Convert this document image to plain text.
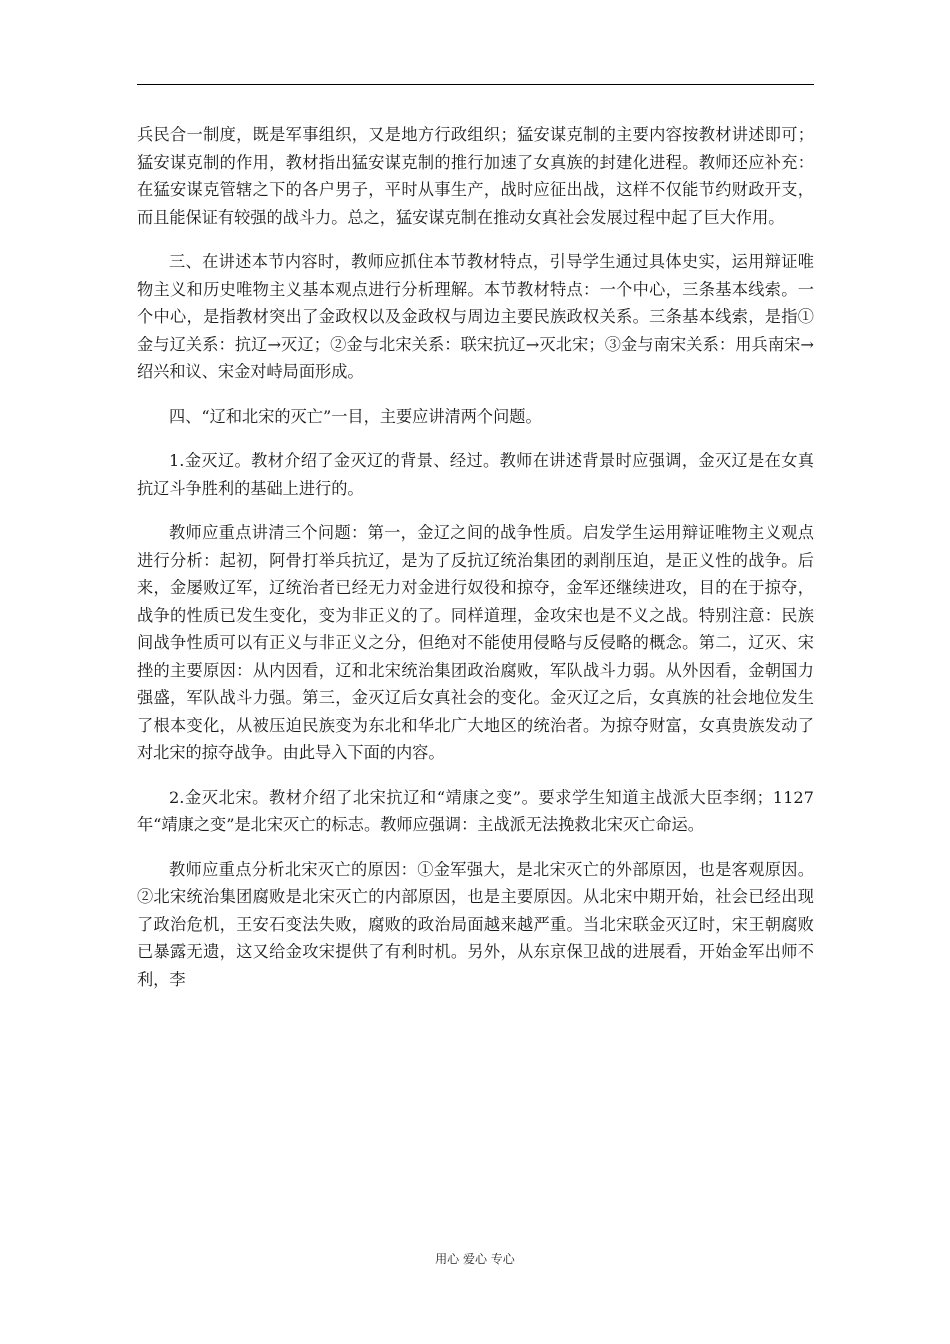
兵民合一制度，既是军事组织，又是地方行政组织；猛安谋克制的主要内容按教材讲述即可；猛安谋克制的作用，教材指出猛安谋克制的推行加速了女真族的封建化进程。教师还应补充：在猛安谋克管辖之下的各户男子，平时从事生产，战时应征出战，这样不仅能节约财政开支，而且能保证有较强的战斗力。总之，猛安谋克制在推动女真社会发展过程中起了巨大作用。

三、在讲述本节内容时，教师应抓住本节教材特点，引导学生通过具体史实，运用辩证唯物主义和历史唯物主义基本观点进行分析理解。本节教材特点：一个中心，三条基本线索。一个中心，是指教材突出了金政权以及金政权与周边主要民族政权关系。三条基本线索，是指①金与辽关系：抗辽→灭辽；②金与北宋关系：联宋抗辽→灭北宋；③金与南宋关系：用兵南宋→绍兴和议、宋金对峙局面形成。

四、“辽和北宋的灭亡”一目，主要应讲清两个问题。

1.金灭辽。教材介绍了金灭辽的背景、经过。教师在讲述背景时应强调，金灭辽是在女真抗辽斗争胜利的基础上进行的。

教师应重点讲清三个问题：第一，金辽之间的战争性质。启发学生运用辩证唯物主义观点进行分析：起初，阿骨打举兵抗辽，是为了反抗辽统治集团的剥削压迫，是正义性的战争。后来，金屡败辽军，辽统治者已经无力对金进行奴役和掠夺，金军还继续进攻，目的在于掠夺，战争的性质已发生变化，变为非正义的了。同样道理，金攻宋也是不义之战。特别注意：民族间战争性质可以有正义与非正义之分，但绝对不能使用侵略与反侵略的概念。第二，辽灭、宋挫的主要原因：从内因看，辽和北宋统治集团政治腐败，军队战斗力弱。从外因看，金朝国力强盛，军队战斗力强。第三，金灭辽后女真社会的变化。金灭辽之后，女真族的社会地位发生了根本变化，从被压迫民族变为东北和华北广大地区的统治者。为掠夺财富，女真贵族发动了对北宋的掠夺战争。由此导入下面的内容。

2.金灭北宋。教材介绍了北宋抗辽和“靖康之变”。要求学生知道主战派大臣李纲；1127年“靖康之变”是北宋灭亡的标志。教师应强调：主战派无法挽救北宋灭亡命运。

教师应重点分析北宋灭亡的原因：①金军强大，是北宋灭亡的外部原因，也是客观原因。②北宋统治集团腐败是北宋灭亡的内部原因，也是主要原因。从北宋中期开始，社会已经出现了政治危机，王安石变法失败，腐败的政治局面越来越严重。当北宋联金灭辽时，宋王朝腐败已暴露无遗，这又给金攻宋提供了有利时机。另外，从东京保卫战的进展看，开始金军出师不利，李

用心 爱心 专心
